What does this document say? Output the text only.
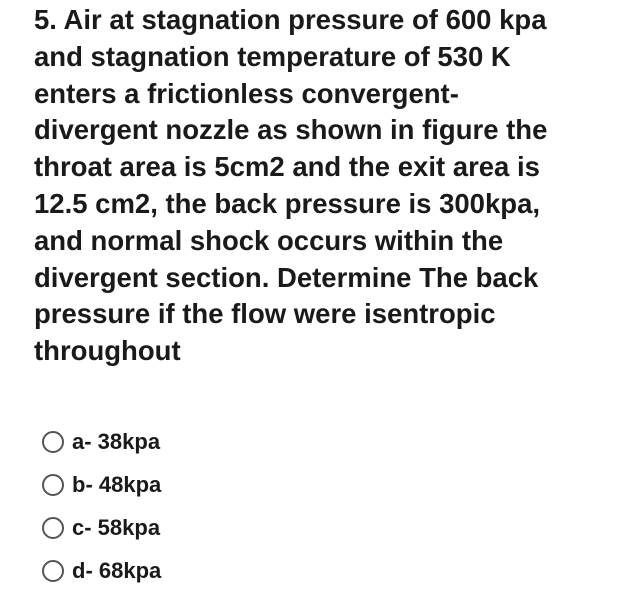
5. Air at stagnation pressure of 600 kpa
and stagnation temperature of 530 K
enters a frictionless convergent-
divergent nozzle as shown in figure the
throat area is 5cm2 and the exit area is
12.5 cm2, the back pressure is 300kpa,
and normal shock occurs within the
divergent section. Determine The back
pressure if the flow were isentropic
throughout
a- 38kpa
b- 48kpa
c- 58kpa
d- 68kpa
